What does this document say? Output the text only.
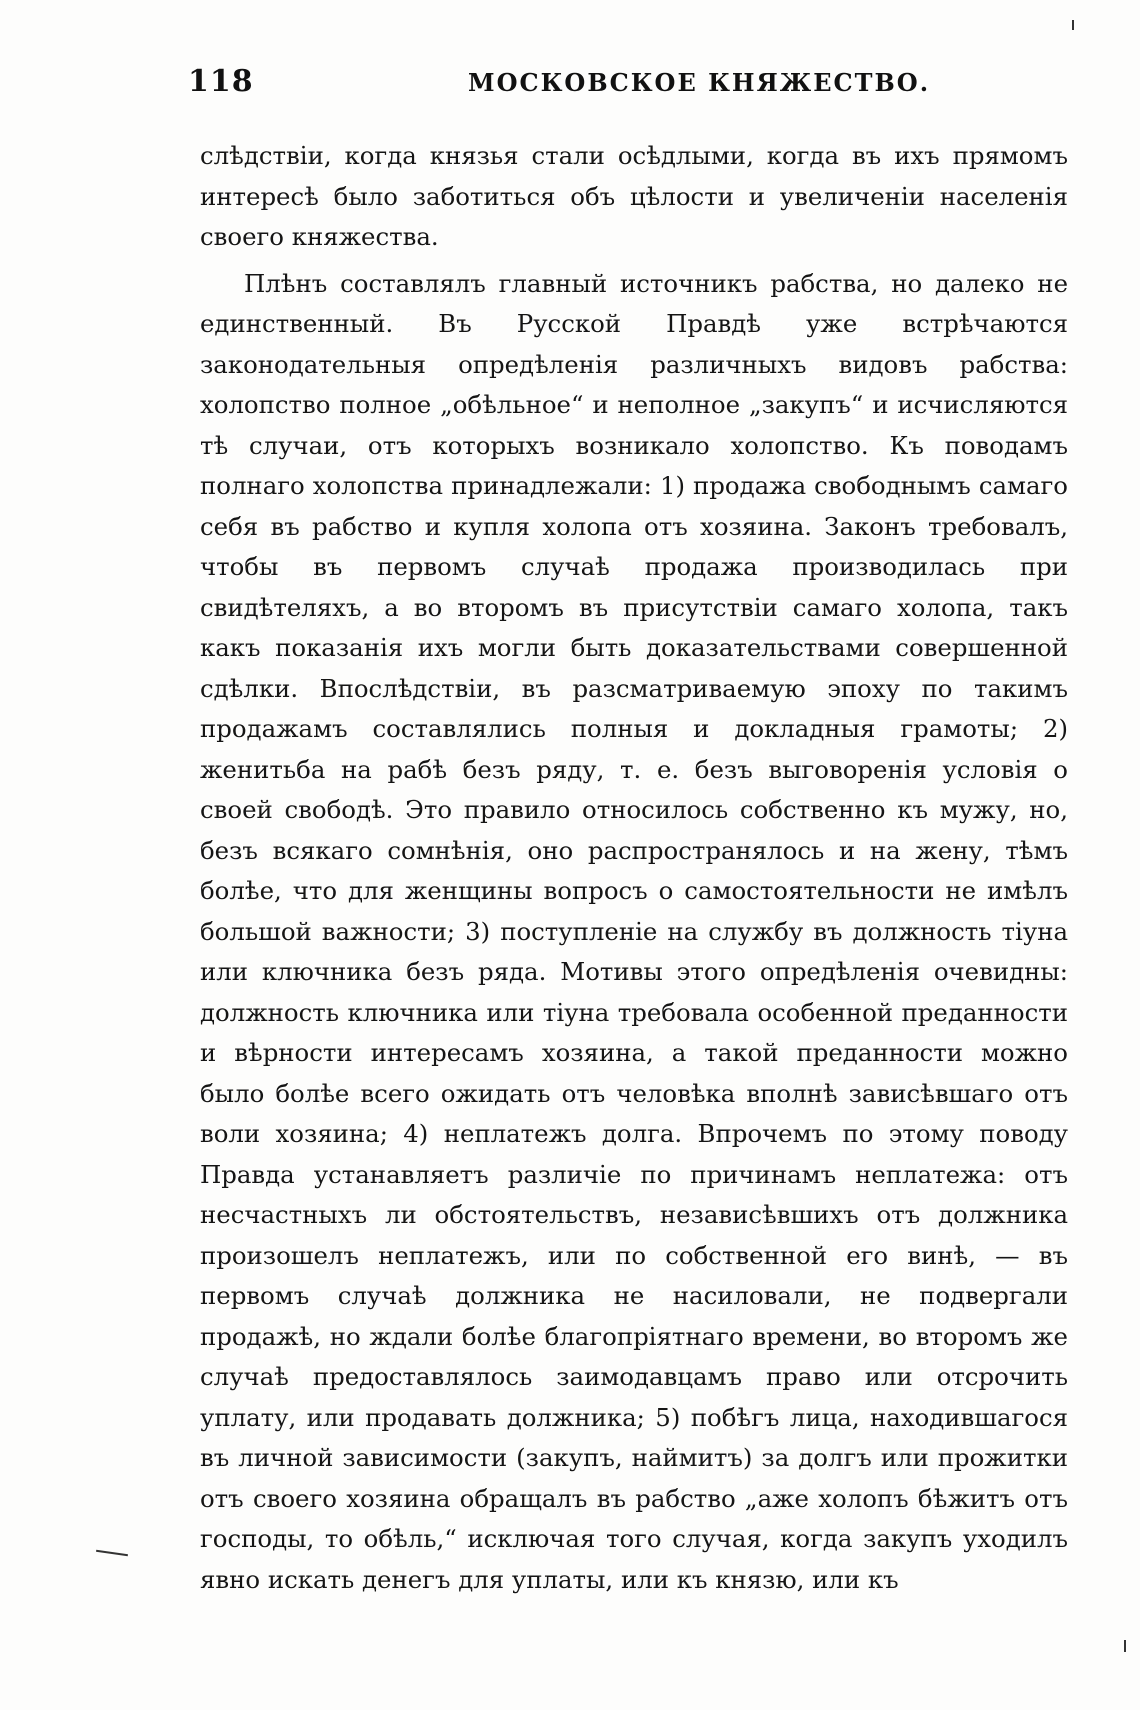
118	МОСКОВСКОЕ КНЯЖЕСТВО.

слѣдствіи, когда князья стали осѣдлыми, когда въ ихъ прямомъ интересѣ было заботиться объ цѣлости и увеличеніи населенія своего княжества.

Плѣнъ составлялъ главный источникъ рабства, но далеко не единственный. Въ Русской Правдѣ уже встрѣчаются законодательныя опредѣленія различныхъ видовъ рабства: холопство полное „обѣльное“ и неполное „закупъ“ и исчисляются тѣ случаи, отъ которыхъ возникало холопство. Къ поводамъ полнаго холопства принадлежали: 1) продажа свободнымъ самаго себя въ рабство и купля холопа отъ хозяина. Законъ требовалъ, чтобы въ первомъ случаѣ продажа производилась при свидѣтеляхъ, а во второмъ въ присутствіи самаго холопа, такъ какъ показанія ихъ могли быть доказательствами совершенной сдѣлки. Впослѣдствіи, въ разсматриваемую эпоху по такимъ продажамъ составлялись полныя и докладныя грамоты; 2) женитьба на рабѣ безъ ряду, т. е. безъ выговоренія условія о своей свободѣ. Это правило относилось собственно къ мужу, но, безъ всякаго сомнѣнія, оно распространялось и на жену, тѣмъ болѣе, что для женщины вопросъ о самостоятельности не имѣлъ большой важности; 3) поступленіе на службу въ должность тіуна или ключника безъ ряда. Мотивы этого опредѣленія очевидны: должность ключника или тіуна требовала особенной преданности и вѣрности интересамъ хозяина, а такой преданности можно было болѣе всего ожидать отъ человѣка вполнѣ зависѣвшаго отъ воли хозяина; 4) неплатежъ долга. Впрочемъ по этому поводу Правда устанавляетъ различіе по причинамъ неплатежа: отъ несчастныхъ ли обстоятельствъ, независѣвшихъ отъ должника произошелъ неплатежъ, или по собственной его винѣ, — въ первомъ случаѣ должника не насиловали, не подвергали продажѣ, но ждали болѣе благопріятнаго времени, во второмъ же случаѣ предоставлялось заимодавцамъ право или отсрочить уплату, или продавать должника; 5) побѣгъ лица, находившагося въ личной зависимости (закупъ, наймитъ) за долгъ или прожитки отъ своего хозяина обращалъ въ рабство „аже холопъ бѣжитъ отъ господы, то обѣль,“ исключая того случая, когда закупъ уходилъ явно искать денегъ для уплаты, или къ князю, или къ
